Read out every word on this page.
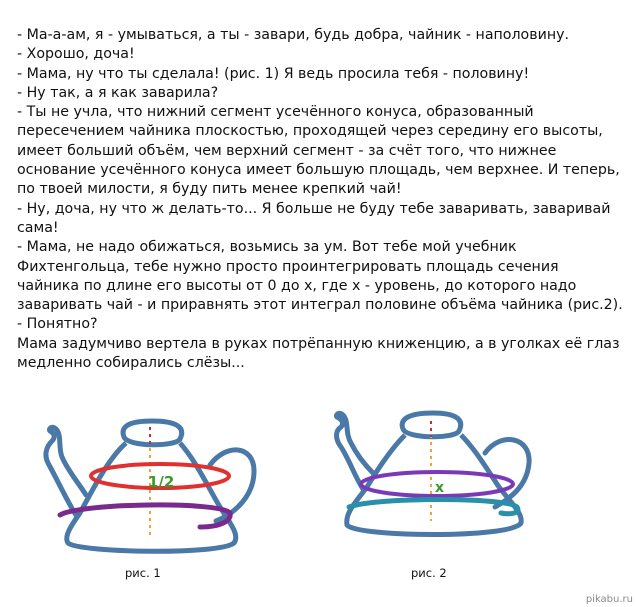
- Ма-а-ам, я - умываться, а ты - завари, будь добра, чайник - наполовину.
- Хорошо, доча!
- Мама, ну что ты сделала! (рис. 1) Я ведь просила тебя - половину!
- Ну так, а я как заварила?
- Ты не учла, что нижний сегмент усечённого конуса, образованный
пересечением чайника плоскостью, проходящей через середину его высоты,
имеет больший объём, чем верхний сегмент - за счёт того, что нижнее
основание усечённого конуса имеет большую площадь, чем верхнее. И теперь,
по твоей милости, я буду пить менее крепкий чай!
- Ну, доча, ну что ж делать-то... Я больше не буду тебе заваривать, заваривай
сама!
- Мама, не надо обижаться, возьмись за ум. Вот тебе мой учебник
Фихтенгольца, тебе нужно просто проинтегрировать площадь сечения
чайника по длине его высоты от 0 до x, где x - уровень, до которого надо
заваривать чай - и приравнять этот интеграл половине объёма чайника (рис.2).
- Понятно?
Мама задумчиво вертела в руках потрёпанную книженцию, а в уголках её глаз
медленно собирались слёзы...
1/2
рис. 1
x
рис. 2
pikabu.ru
